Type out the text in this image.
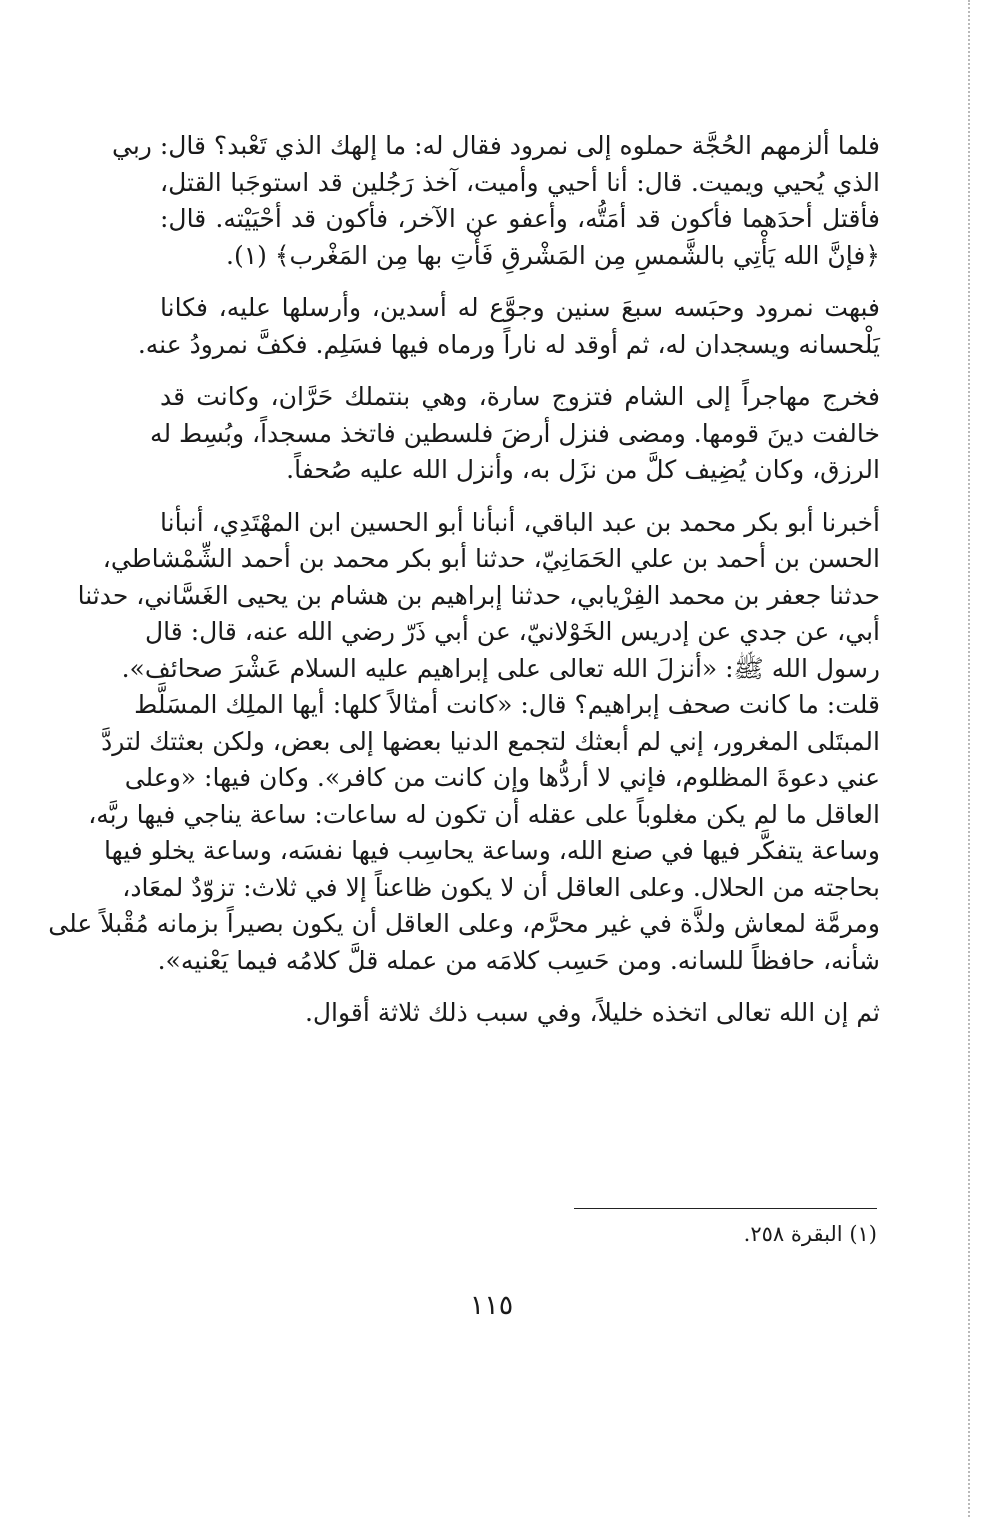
فلما ألزمهم الحُجَّة حملوه إلى نمرود فقال له: ما إلهك الذي تَعْبد؟ قال: ربي
الذي يُحيي ويميت. قال: أنا أحيي وأميت، آخذ رَجُلين قد استوجَبا القتل،
فأقتل أحدَهما فأكون قد أمَتُّه، وأعفو عن الآخر، فأكون قد أحْيَيْته. قال:
﴿فإنَّ الله يَأْتِي بالشَّمسِ مِن المَشْرقِ فَأْتِ بها مِن المَغْرب﴾ (١).
فبهت نمرود وحبَسه سبعَ سنين وجوَّع له أسدين، وأرسلها عليه، فكانا
يَلْحسانه ويسجدان له، ثم أوقد له ناراً ورماه فيها فسَلِم. فكفَّ نمرودُ عنه.
فخرج مهاجراً إلى الشام فتزوج سارة، وهي بنتملك حَرَّان، وكانت قد
خالفت دينَ قومها. ومضى فنزل أرضَ فلسطين فاتخذ مسجداً، وبُسِط له
الرزق، وكان يُضِيف كلَّ من نزَل به، وأنزل الله عليه صُحفاً.
أخبرنا أبو بكر محمد بن عبد الباقي، أنبأنا أبو الحسين ابن المهْتَدِي، أنبأنا
الحسن بن أحمد بن علي الحَمَانِيّ، حدثنا أبو بكر محمد بن أحمد الشِّمْشاطي،
حدثنا جعفر بن محمد الفِرْيابي، حدثنا إبراهيم بن هشام بن يحيى الغَسَّاني، حدثنا
أبي، عن جدي عن إدريس الخَوْلانيّ، عن أبي ذَرّ رضي الله عنه، قال: قال
رسول الله ﷺ: «أنزلَ الله تعالى على إبراهيم عليه السلام عَشْرَ صحائف».
قلت: ما كانت صحف إبراهيم؟ قال: «كانت أمثالاً كلها: أيها الملِك المسَلَّط
المبتَلى المغرور، إني لم أبعثك لتجمع الدنيا بعضها إلى بعض، ولكن بعثتك لتردَّ
عني دعوةَ المظلوم، فإني لا أردُّها وإن كانت من كافر». وكان فيها: «وعلى
العاقل ما لم يكن مغلوباً على عقله أن تكون له ساعات: ساعة يناجي فيها ربَّه،
وساعة يتفكَّر فيها في صنع الله، وساعة يحاسِب فيها نفسَه، وساعة يخلو فيها
بحاجته من الحلال. وعلى العاقل أن لا يكون ظاعناً إلا في ثلاث: تزوّدٌ لمعَاد،
ومرمَّة لمعاش ولذَّة في غير محرَّم، وعلى العاقل أن يكون بصيراً بزمانه مُقْبلاً على
شأنه، حافظاً للسانه. ومن حَسِب كلامَه من عمله قلَّ كلامُه فيما يَعْنيه».
ثم إن الله تعالى اتخذه خليلاً، وفي سبب ذلك ثلاثة أقوال.
(١) البقرة ٢٥٨.
١١٥
